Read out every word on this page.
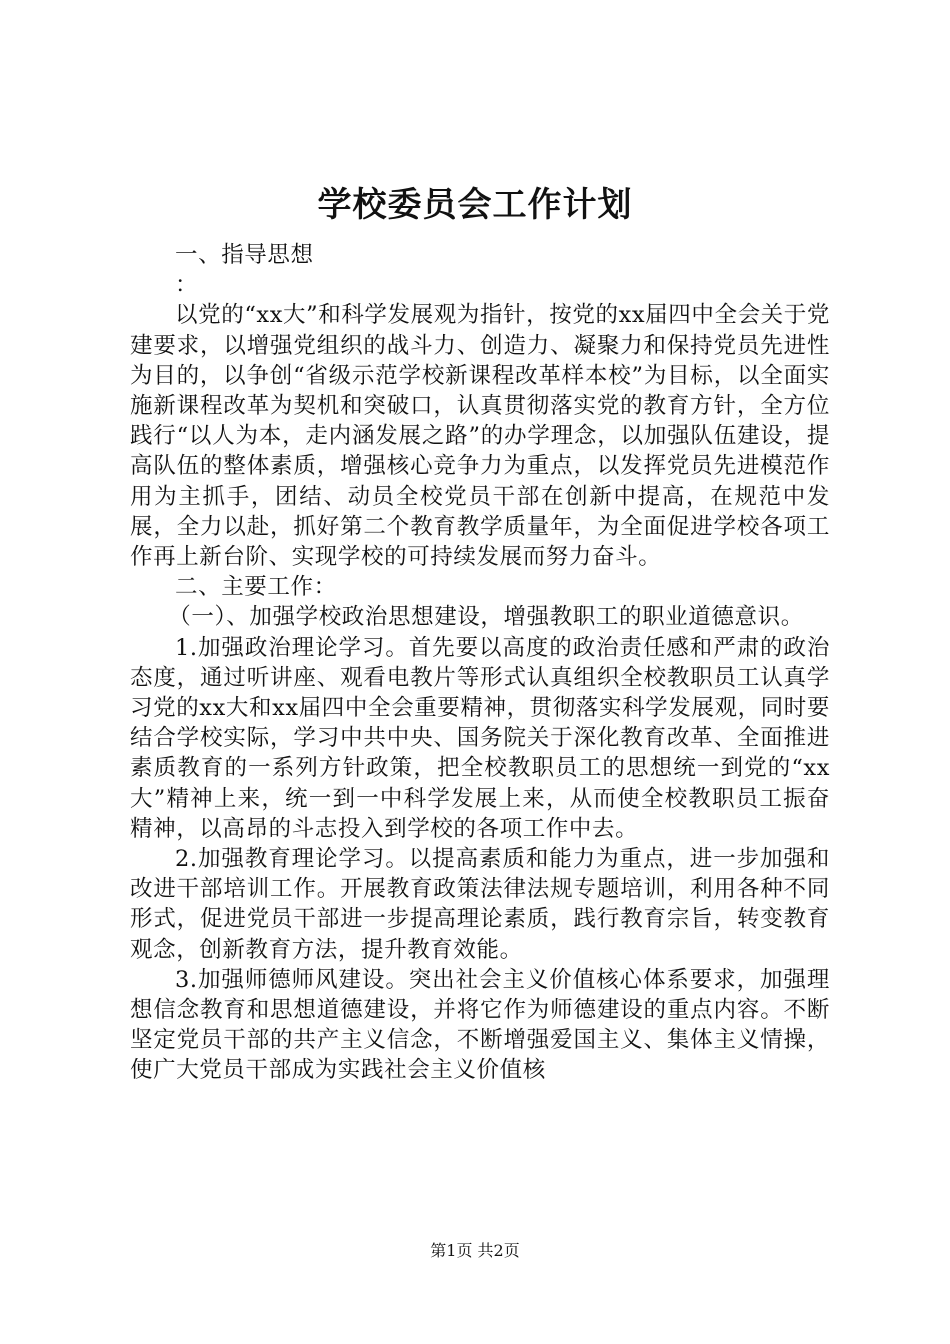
学校委员会工作计划

一、指导思想

：

以党的“xx大”和科学发展观为指针，按党的xx届四中全会关于党建要求，以增强党组织的战斗力、创造力、凝聚力和保持党员先进性为目的，以争创“省级示范学校新课程改革样本校”为目标，以全面实施新课程改革为契机和突破口，认真贯彻落实党的教育方针，全方位践行“以人为本，走内涵发展之路”的办学理念，以加强队伍建设，提高队伍的整体素质，增强核心竞争力为重点，以发挥党员先进模范作用为主抓手，团结、动员全校党员干部在创新中提高，在规范中发展，全力以赴，抓好第二个教育教学质量年，为全面促进学校各项工作再上新台阶、实现学校的可持续发展而努力奋斗。

二、主要工作：

（一）、加强学校政治思想建设，增强教职工的职业道德意识。

1.加强政治理论学习。首先要以高度的政治责任感和严肃的政治态度，通过听讲座、观看电教片等形式认真组织全校教职员工认真学习党的xx大和xx届四中全会重要精神，贯彻落实科学发展观，同时要结合学校实际，学习中共中央、国务院关于深化教育改革、全面推进素质教育的一系列方针政策，把全校教职员工的思想统一到党的“xx大”精神上来，统一到一中科学发展上来，从而使全校教职员工振奋精神，以高昂的斗志投入到学校的各项工作中去。

2.加强教育理论学习。以提高素质和能力为重点，进一步加强和改进干部培训工作。开展教育政策法律法规专题培训，利用各种不同形式，促进党员干部进一步提高理论素质，践行教育宗旨，转变教育观念，创新教育方法，提升教育效能。

3.加强师德师风建设。突出社会主义价值核心体系要求，加强理想信念教育和思想道德建设，并将它作为师德建设的重点内容。不断坚定党员干部的共产主义信念，不断增强爱国主义、集体主义情操，使广大党员干部成为实践社会主义价值核

第1页 共2页
